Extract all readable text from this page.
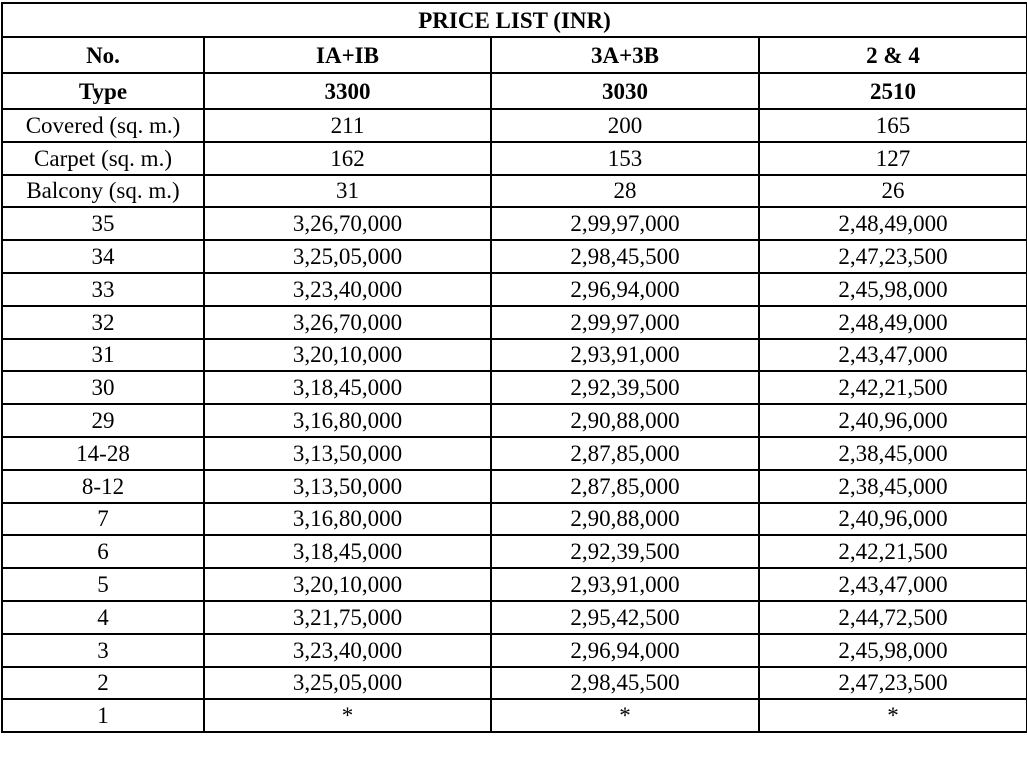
PRICE LIST (INR)			
No.	IA+IB	3A+3B	2 & 4
Type	3300	3030	2510
Covered (sq. m.)	211	200	165
Carpet (sq. m.)	162	153	127
Balcony (sq. m.)	31	28	26
35	3,26,70,000	2,99,97,000	2,48,49,000
34	3,25,05,000	2,98,45,500	2,47,23,500
33	3,23,40,000	2,96,94,000	2,45,98,000
32	3,26,70,000	2,99,97,000	2,48,49,000
31	3,20,10,000	2,93,91,000	2,43,47,000
30	3,18,45,000	2,92,39,500	2,42,21,500
29	3,16,80,000	2,90,88,000	2,40,96,000
14-28	3,13,50,000	2,87,85,000	2,38,45,000
8-12	3,13,50,000	2,87,85,000	2,38,45,000
7	3,16,80,000	2,90,88,000	2,40,96,000
6	3,18,45,000	2,92,39,500	2,42,21,500
5	3,20,10,000	2,93,91,000	2,43,47,000
4	3,21,75,000	2,95,42,500	2,44,72,500
3	3,23,40,000	2,96,94,000	2,45,98,000
2	3,25,05,000	2,98,45,500	2,47,23,500
1	*	*	*
